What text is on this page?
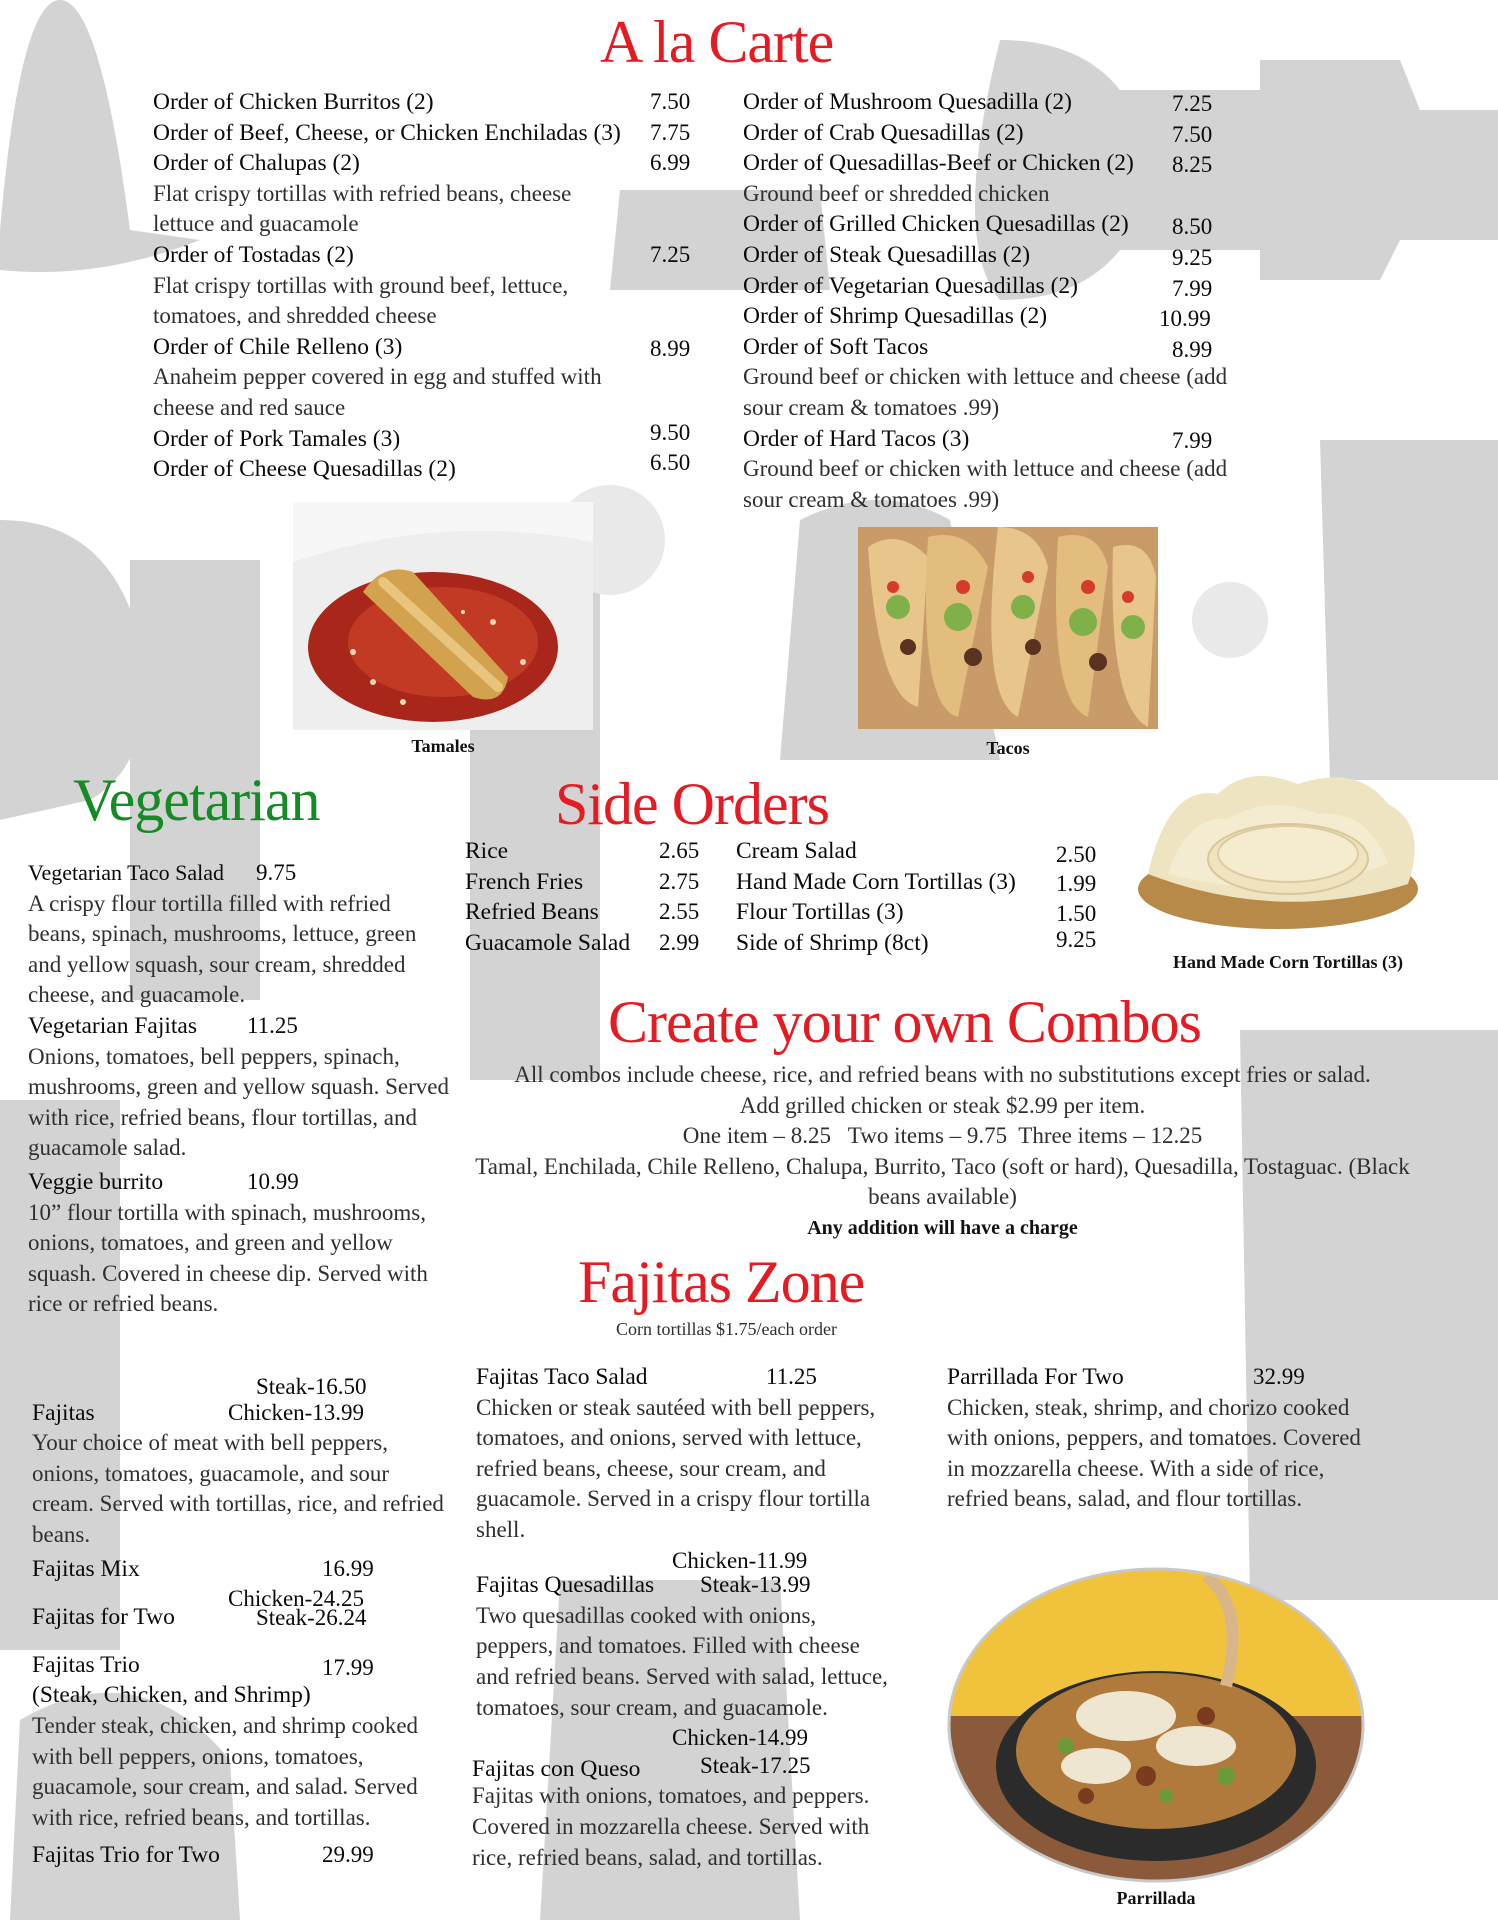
A la Carte
Order of Chicken Burritos (2)	7.50
Order of Beef, Cheese, or Chicken Enchiladas (3) 7.75
Order of Chalupas (2)	6.99
Flat crispy tortillas with refried beans, cheese lettuce and guacamole
Order of Tostadas (2)	7.25
Flat crispy tortillas with ground beef, lettuce, tomatoes, and shredded cheese
Order of Chile Relleno (3)	8.99
Anaheim pepper covered in egg and stuffed with cheese and red sauce
Order of Pork Tamales (3)	9.50
Order of Cheese Quesadillas (2)	6.50
Order of Mushroom Quesadilla (2)	7.25
Order of Crab Quesadillas (2)	7.50
Order of Quesadillas-Beef or Chicken (2) 8.25
Ground beef or shredded chicken
Order of Grilled Chicken Quesadillas (2) 8.50
Order of Steak Quesadillas (2)	9.25
Order of Vegetarian Quesadillas (2)	7.99
Order of Shrimp Quesadillas (2)	10.99
Order of Soft Tacos	8.99
Ground beef or chicken with lettuce and cheese (add sour cream & tomatoes .99)
Order of Hard Tacos (3)	7.99
Ground beef or chicken with lettuce and cheese (add sour cream & tomatoes .99)
Tamales	Tacos
Vegetarian
Vegetarian Taco Salad 9.75
A crispy flour tortilla filled with refried beans, spinach, mushrooms, lettuce, green and yellow squash, sour cream, shredded cheese, and guacamole.
Vegetarian Fajitas 11.25
Onions, tomatoes, bell peppers, spinach, mushrooms, green and yellow squash. Served with rice, refried beans, flour tortillas, and guacamole salad.
Veggie burrito	10.99
10” flour tortilla with spinach, mushrooms, onions, tomatoes, and green and yellow squash. Covered in cheese dip. Served with rice or refried beans.
Side Orders
Rice	2.65
French Fries	2.75
Refried Beans	2.55
Guacamole Salad 2.99
Cream Salad	2.50
Hand Made Corn Tortillas (3) 1.99
Flour Tortillas (3)	1.50
Side of Shrimp (8ct)	9.25
Hand Made Corn Tortillas (3)
Create your own Combos
All combos include cheese, rice, and refried beans with no substitutions except fries or salad.
Add grilled chicken or steak $2.99 per item.
One item – 8.25   Two items – 9.75  Three items – 12.25
Tamal, Enchilada, Chile Relleno, Chalupa, Burrito, Taco (soft or hard), Quesadilla, Tostaguac. (Black beans available)
Any addition will have a charge
Fajitas Zone
Corn tortillas $1.75/each order
Steak-16.50
Fajitas	Chicken-13.99
Your choice of meat with bell peppers, onions, tomatoes, guacamole, and sour cream. Served with tortillas, rice, and refried beans.
Fajitas Mix	16.99
Chicken-24.25
Fajitas for Two	Steak-26.24
Fajitas Trio	17.99
(Steak, Chicken, and Shrimp)
Tender steak, chicken, and shrimp cooked with bell peppers, onions, tomatoes, guacamole, sour cream, and salad. Served with rice, refried beans, and tortillas.
Fajitas Trio for Two	29.99
Fajitas Taco Salad	11.25
Chicken or steak sautéed with bell peppers, tomatoes, and onions, served with lettuce, refried beans, cheese, sour cream, and guacamole. Served in a crispy flour tortilla shell.
Chicken-11.99
Fajitas Quesadillas Steak-13.99
Two quesadillas cooked with onions, peppers, and tomatoes. Filled with cheese and refried beans. Served with salad, lettuce, tomatoes, sour cream, and guacamole.
Chicken-14.99
Fajitas con Queso	Steak-17.25
Fajitas with onions, tomatoes, and peppers. Covered in mozzarella cheese. Served with rice, refried beans, salad, and tortillas.
Parrillada For Two	32.99
Chicken, steak, shrimp, and chorizo cooked with onions, peppers, and tomatoes. Covered in mozzarella cheese. With a side of rice, refried beans, salad, and flour tortillas.
Parrillada
